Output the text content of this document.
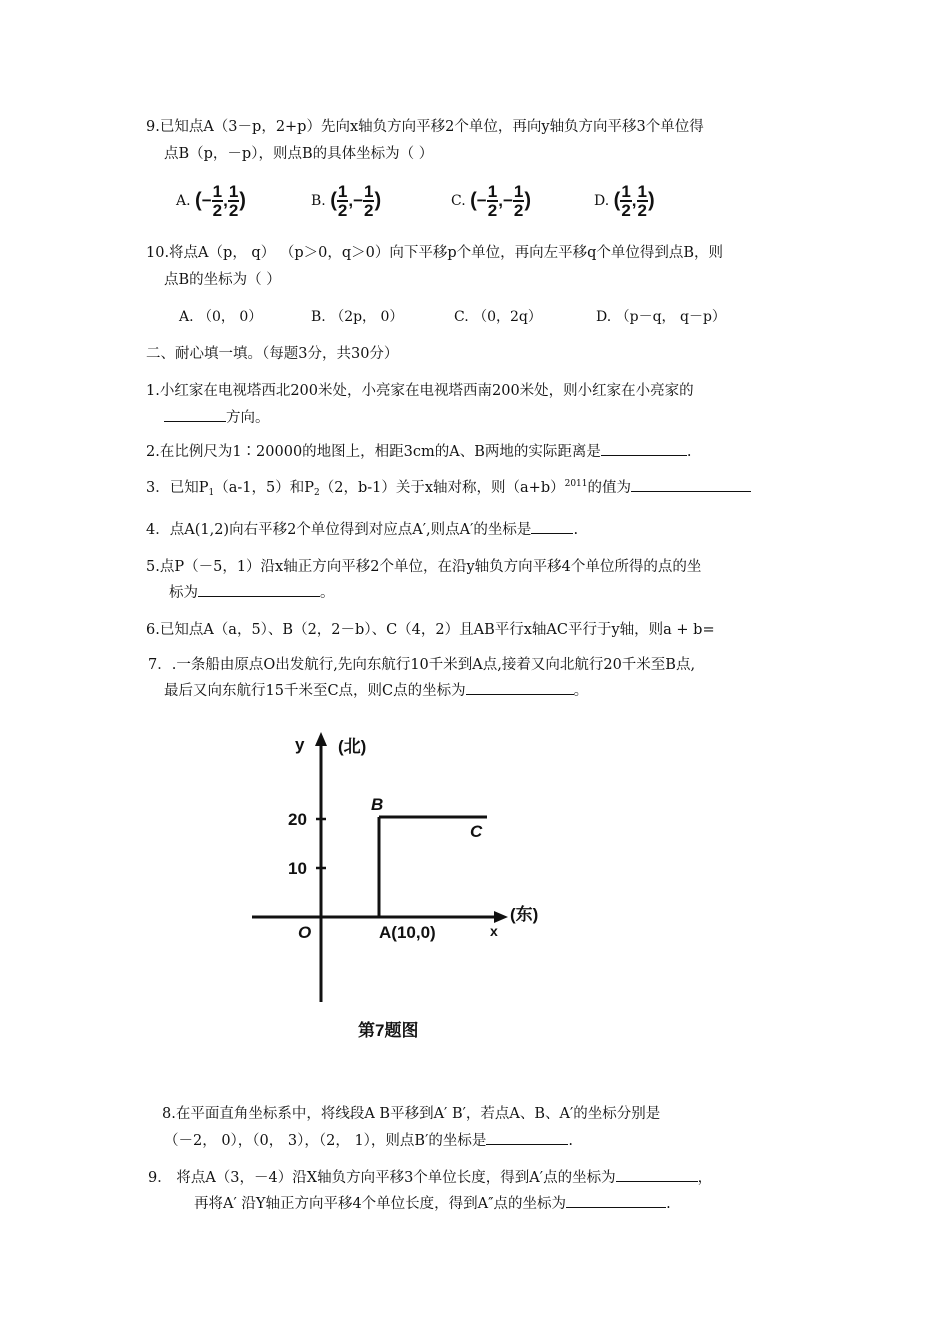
9.已知点A（3－p，2+p）先向x轴负方向平移2个单位，再向y轴负方向平移3个单位得
点B（p，－p），则点B的具体坐标为（ ）
A. (− $\frac{1}{2}$ , $\frac{1}{2}$ )	B. ( $\frac{1}{2}$ ,− $\frac{1}{2}$ )	C. (− $\frac{1}{2}$ ,− $\frac{1}{2}$ )	D. ( $\frac{1}{2}$ , $\frac{1}{2}$ )
10.将点A（p， q） （p＞0，q＞0）向下平移p个单位，再向左平移q个单位得到点B，则
点B的坐标为（ ）
A. （0， 0）	B. （2p， 0）	C. （0，2q）	D. （p－q， q－p）
二、耐心填一填。（每题3分，共30分）
1.小红家在电视塔西北200米处，小亮家在电视塔西南200米处，则小红家在小亮家的
方向。
2.在比例尺为1∶20000的地图上，相距3cm的A、B两地的实际距离是	.
3．已知$P_1(a-1$，5）和$P_2(2$，b-1）关于x轴对称，则$(a+b)^{2011}$的值为
4．点A(1,2)向右平移2个单位得到对应点A′,则点A′的坐标是	.
5.点P（－5，1）沿x轴正方向平移2个单位，在沿y轴负方向平移4个单位所得的点的坐
标为	。
6.已知点A（a，5）、B（2，2－b）、C（4，2）且AB平行x轴AC平行于y轴，则a + b=
7．.一条船由原点O出发航行,先向东航行10千米到A点,接着又向北航行20千米至B点,
最后又向东航行15千米至C点，则C点的坐标为	。
y (北)
(东)
x
O
20
10
B
C
A(10,0)
第7题图
8.在平面直角坐标系中，将线段A B平移到A′ B′，若点A、B、A′的坐标分别是
（－2， 0），（0， 3），（2， 1），则点B′的坐标是	.
9． 将点A（3，－4）沿X轴负方向平移3个单位长度，得到A′点的坐标为	，
再将A′ 沿Y轴正方向平移4个单位长度，得到A″点的坐标为	.
